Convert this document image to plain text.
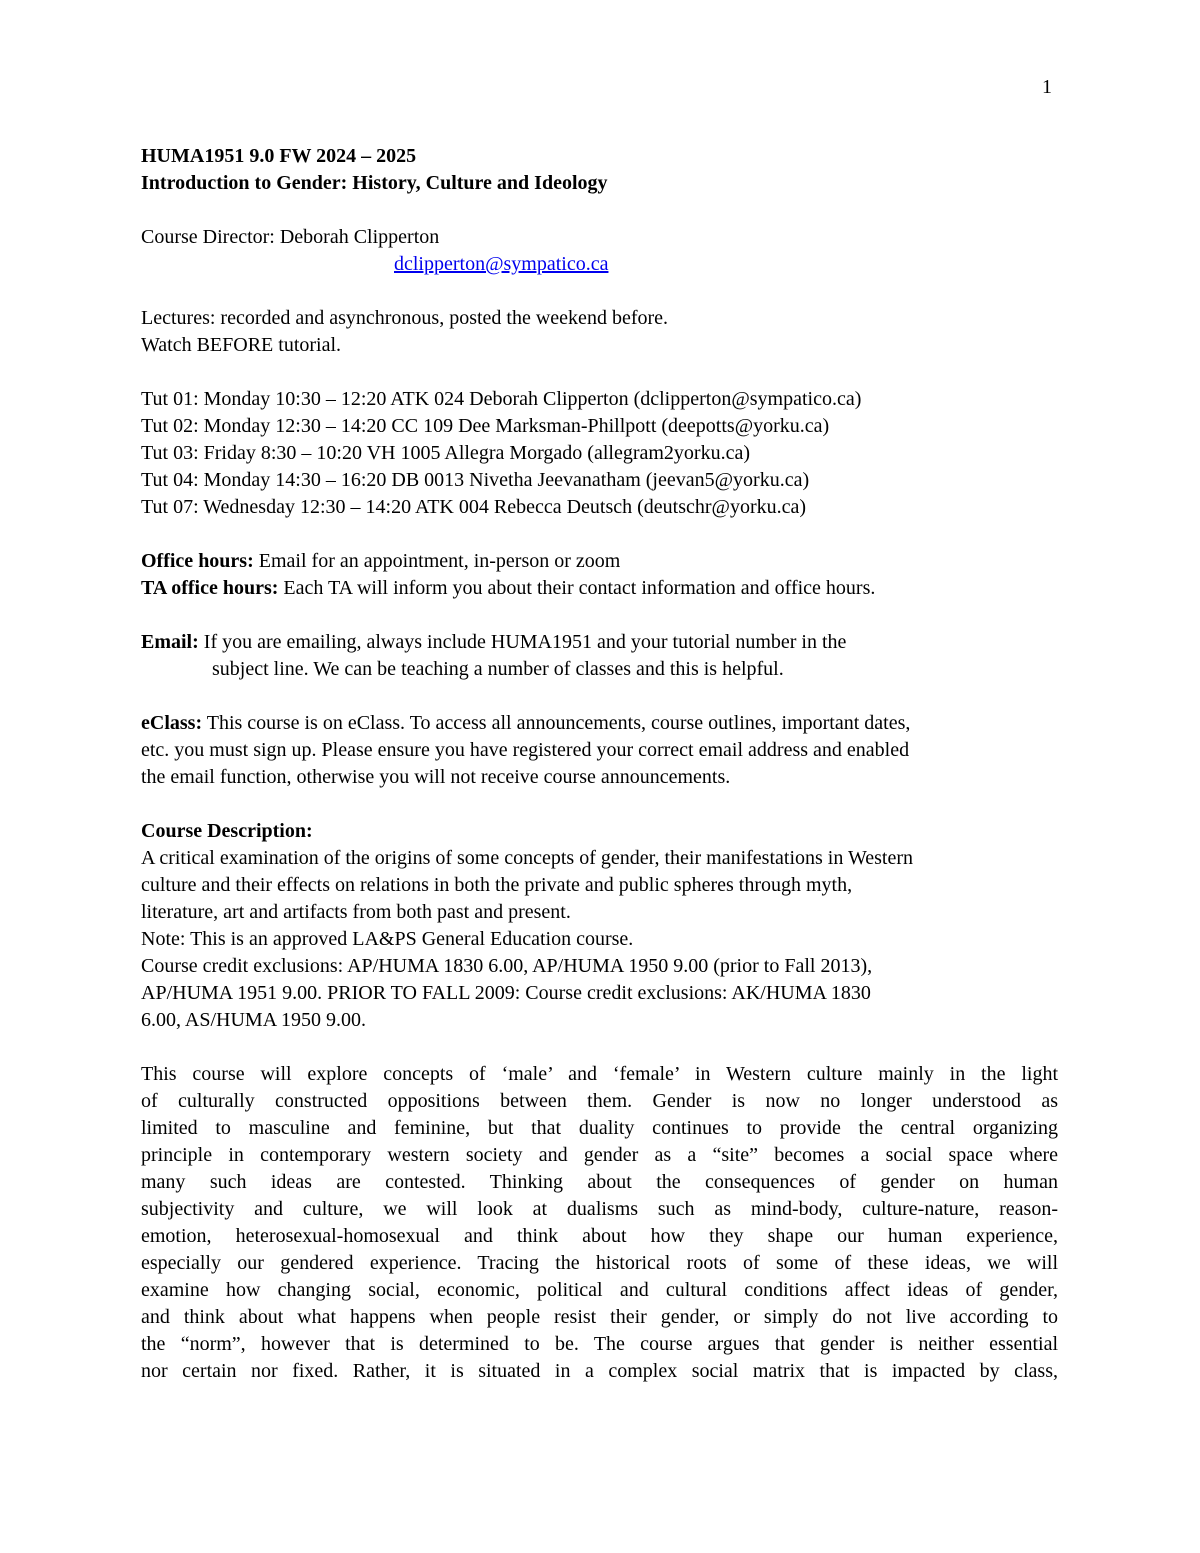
1
HUMA1951 9.0 FW 2024 – 2025
Introduction to Gender: History, Culture and Ideology
Course Director: Deborah Clipperton
dclipperton@sympatico.ca
Lectures: recorded and asynchronous, posted the weekend before.
Watch BEFORE tutorial.
Tut 01: Monday 10:30 – 12:20 ATK 024 Deborah Clipperton (dclipperton@sympatico.ca)
Tut 02: Monday 12:30 – 14:20 CC 109 Dee Marksman-Phillpott (deepotts@yorku.ca)
Tut 03: Friday 8:30 – 10:20 VH 1005 Allegra Morgado (allegram2yorku.ca)
Tut 04: Monday 14:30 – 16:20 DB 0013 Nivetha Jeevanatham (jeevan5@yorku.ca)
Tut 07: Wednesday 12:30 – 14:20 ATK 004 Rebecca Deutsch (deutschr@yorku.ca)
Office hours: Email for an appointment, in-person or zoom
TA office hours: Each TA will inform you about their contact information and office hours.
Email: If you are emailing, always include HUMA1951 and your tutorial number in the
subject line. We can be teaching a number of classes and this is helpful.
eClass: This course is on eClass. To access all announcements, course outlines, important dates,
etc. you must sign up. Please ensure you have registered your correct email address and enabled
the email function, otherwise you will not receive course announcements.
Course Description:
A critical examination of the origins of some concepts of gender, their manifestations in Western
culture and their effects on relations in both the private and public spheres through myth,
literature, art and artifacts from both past and present.
Note: This is an approved LA&PS General Education course.
Course credit exclusions: AP/HUMA 1830 6.00, AP/HUMA 1950 9.00 (prior to Fall 2013),
AP/HUMA 1951 9.00. PRIOR TO FALL 2009: Course credit exclusions: AK/HUMA 1830
6.00, AS/HUMA 1950 9.00.
This course will explore concepts of ‘male’ and ‘female’ in Western culture mainly in the light
of culturally constructed oppositions between them. Gender is now no longer understood as
limited to masculine and feminine, but that duality continues to provide the central organizing
principle in contemporary western society and gender as a “site” becomes a social space where
many such ideas are contested. Thinking about the consequences of gender on human
subjectivity and culture, we will look at dualisms such as mind-body, culture-nature, reason-
emotion, heterosexual-homosexual and think about how they shape our human experience,
especially our gendered experience. Tracing the historical roots of some of these ideas, we will
examine how changing social, economic, political and cultural conditions affect ideas of gender,
and think about what happens when people resist their gender, or simply do not live according to
the “norm”, however that is determined to be. The course argues that gender is neither essential
nor certain nor fixed. Rather, it is situated in a complex social matrix that is impacted by class,
